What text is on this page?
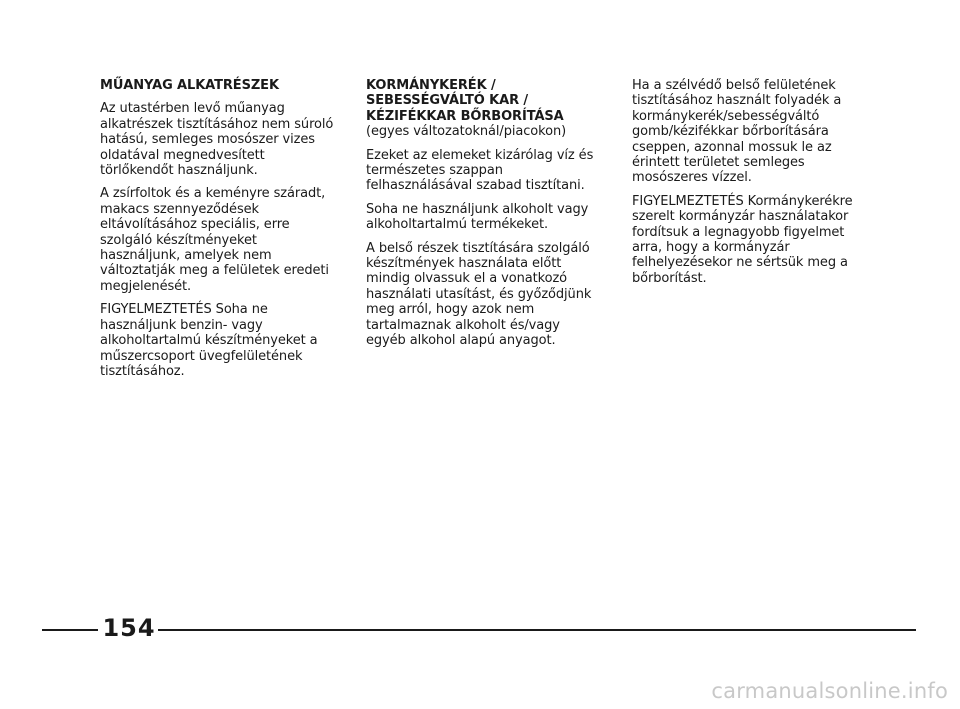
MŰANYAG ALKATRÉSZEK

Az utastérben levő műanyag alkatrészek tisztításához nem súroló hatású, semleges mosószer vizes oldatával megnedvesített törlőkendőt használjunk.

A zsírfoltok és a keményre száradt, makacs szennyeződések eltávolításához speciális, erre szolgáló készítményeket használjunk, amelyek nem változtatják meg a felületek eredeti megjelenését.

FIGYELMEZTETÉS Soha ne használjunk benzin- vagy alkoholtartalmú készítményeket a műszercsoport üvegfelületének tisztításához.

KORMÁNYKERÉK / SEBESSÉGVÁLTÓ KAR / KÉZIFÉKKAR BŐRBORÍTÁSA

(egyes változatoknál/piacokon)

Ezeket az elemeket kizárólag víz és természetes szappan felhasználásával szabad tisztítani.

Soha ne használjunk alkoholt vagy alkoholtartalmú termékeket.

A belső részek tisztítására szolgáló készítmények használata előtt mindig olvassuk el a vonatkozó használati utasítást, és győződjünk meg arról, hogy azok nem tartalmaznak alkoholt és/vagy egyéb alkohol alapú anyagot.

Ha a szélvédő belső felületének tisztításához használt folyadék a kormánykerék/sebességváltó gomb/kézifékkar bőrborítására cseppen, azonnal mossuk le az érintett területet semleges mosószeres vízzel.

FIGYELMEZTETÉS Kormánykerékre szerelt kormányzár használatakor fordítsuk a legnagyobb figyelmet arra, hogy a kormányzár felhelyezésekor ne sértsük meg a bőrborítást.

154
carmanualsonline.info
